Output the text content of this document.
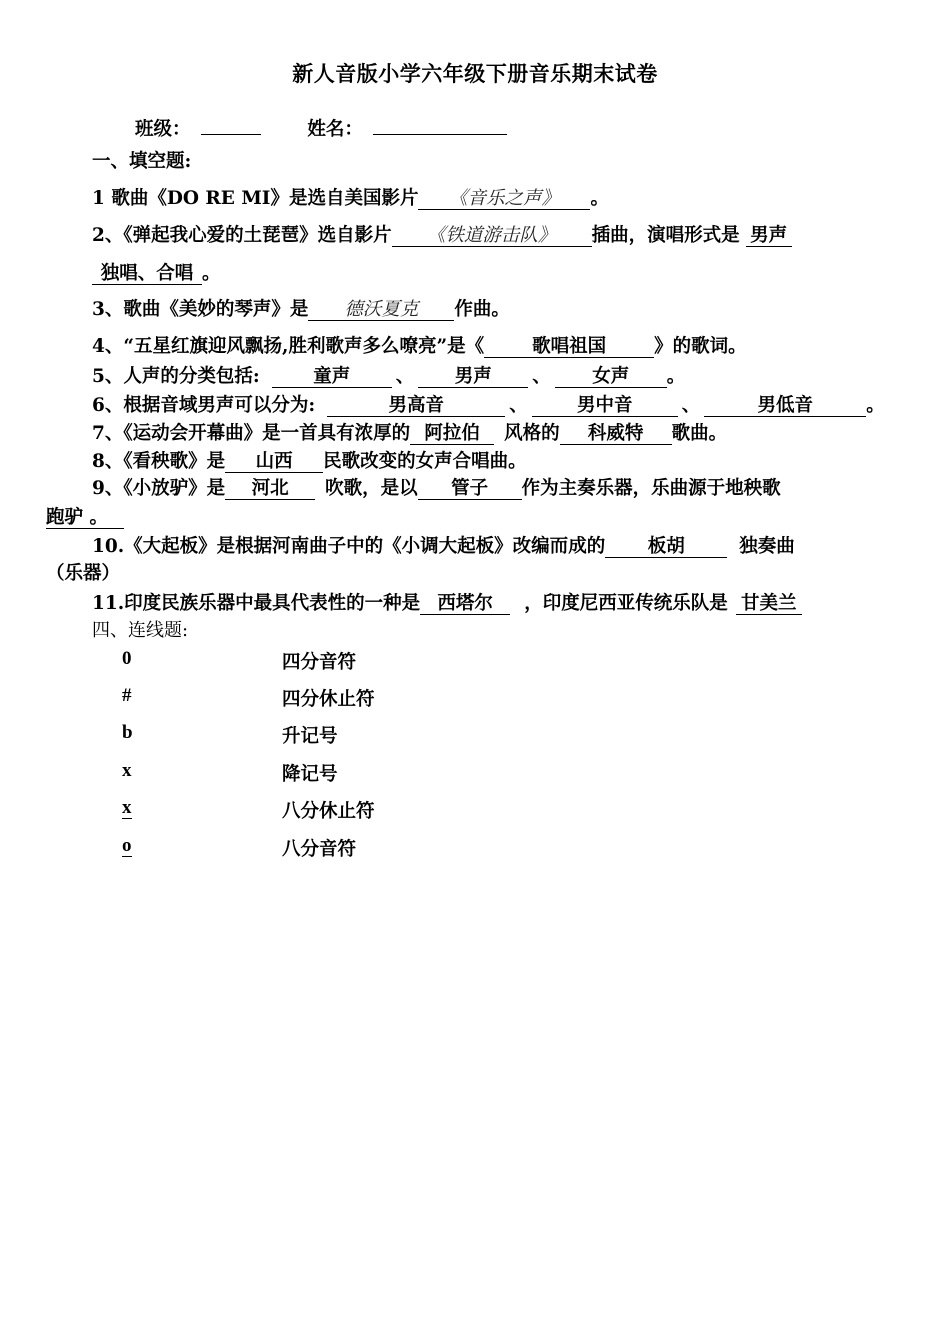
新人音版小学六年级下册音乐期末试卷
班级：	姓名：
一、填空题:
1 歌曲《DO RE MI》是选自美国影片 《音乐之声》 。
2、《弹起我心爱的土琵琶》选自影片 《铁道游击队》 插曲，演唱形式是 男声
独唱、合唱 。
3、歌曲《美妙的琴声》是 德沃夏克 作曲。
4、“五星红旗迎风飘扬,胜利歌声多么嘹亮”是《	歌唱祖国	》的歌词。
5、人声的分类包括:	童声 、 男声 、 女声 。
6、根据音域男声可以分为:	男高音	、	男中音	、	男低音	。
7、《运动会开幕曲》是一首具有浓厚的 阿拉伯 风格的 科威特 歌曲。
8、《看秧歌》是 山西 民歌改变的女声合唱曲。
9、《小放驴》是 河北 吹歌，是以 管子 作为主奏乐器，乐曲源于地秧歌
跑驴 。
10.《大起板》是根据河南曲子中的《小调大起板》改编而成的 板胡	独奏曲
（乐器）
11.印度民族乐器中最具代表性的一种是 西塔尔 ，印度尼西亚传统乐队是 甘美兰
四、连线题:
0	四分音符
#	四分休止符
b	升记号
x	降记号
x	八分休止符
o	八分音符
